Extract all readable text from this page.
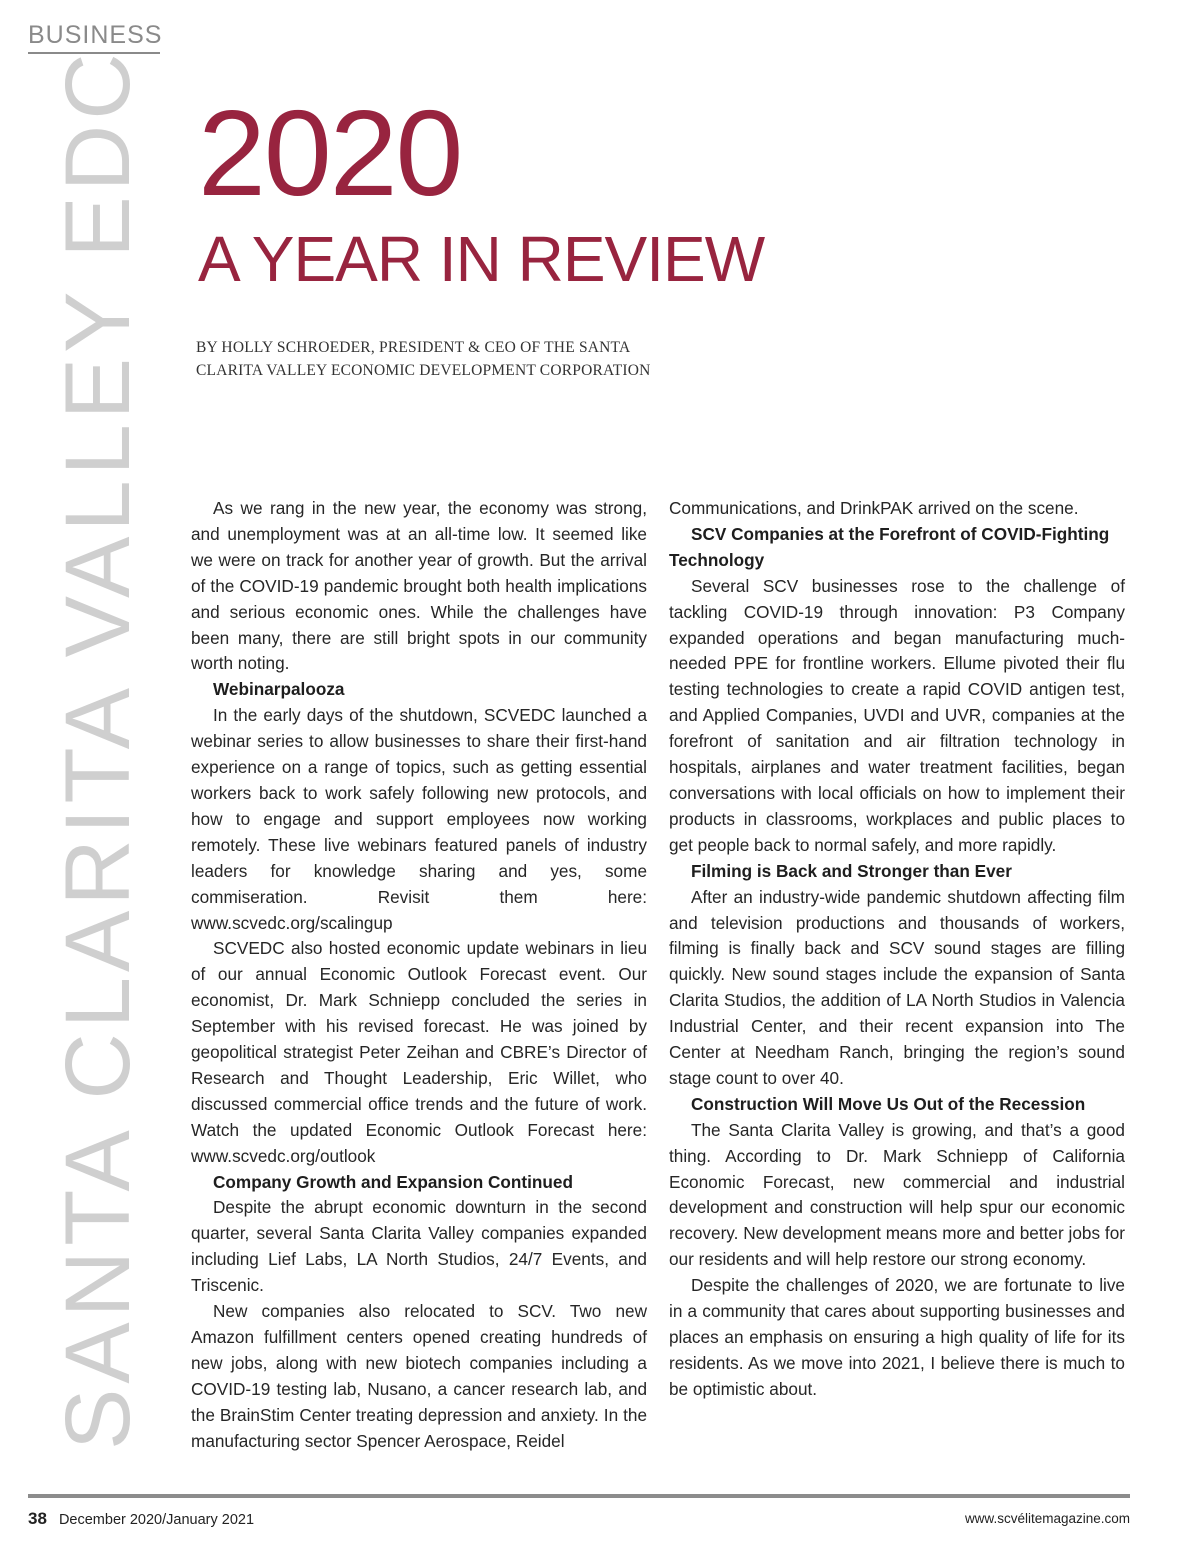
BUSINESS
SANTA CLARITA VALLEY EDC 2020
A YEAR IN REVIEW
BY HOLLY SCHROEDER, PRESIDENT & CEO OF THE SANTA
CLARITA VALLEY ECONOMIC DEVELOPMENT CORPORATION

As we rang in the new year, the economy was strong, and unemployment was at an all-time low. It seemed like we were on track for another year of growth. But the arrival of the COVID-19 pandemic brought both health implications and serious economic ones. While the challenges have been many, there are still bright spots in our community worth noting.

Webinarpalooza

In the early days of the shutdown, SCVEDC launched a webinar series to allow businesses to share their first-hand experience on a range of topics, such as getting essential workers back to work safely following new protocols, and how to engage and support employees now working remotely. These live webinars featured panels of industry leaders for knowledge sharing and yes, some commiseration. Revisit them here: www.scvedc.org/scalingup

SCVEDC also hosted economic update webinars in lieu of our annual Economic Outlook Forecast event. Our economist, Dr. Mark Schniepp concluded the series in September with his revised forecast. He was joined by geopolitical strategist Peter Zeihan and CBRE’s Director of Research and Thought Leadership, Eric Willet, who discussed commercial office trends and the future of work. Watch the updated Economic Outlook Forecast here: www.scvedc.org/outlook

Company Growth and Expansion Continued

Despite the abrupt economic downturn in the second quarter, several Santa Clarita Valley companies expanded including Lief Labs, LA North Studios, 24/7 Events, and Triscenic.

New companies also relocated to SCV. Two new Amazon fulfillment centers opened creating hundreds of new jobs, along with new biotech companies including a COVID-19 testing lab, Nusano, a cancer research lab, and the BrainStim Center treating depression and anxiety. In the manufacturing sector Spencer Aerospace, Reidel

Communications, and DrinkPAK arrived on the scene.

SCV Companies at the Forefront of COVID-Fighting Technology

Several SCV businesses rose to the challenge of tackling COVID-19 through innovation: P3 Company expanded operations and began manufacturing much-needed PPE for frontline workers. Ellume pivoted their flu testing technologies to create a rapid COVID antigen test, and Applied Companies, UVDI and UVR, companies at the forefront of sanitation and air filtration technology in hospitals, airplanes and water treatment facilities, began conversations with local officials on how to implement their products in classrooms, workplaces and public places to get people back to normal safely, and more rapidly.

Filming is Back and Stronger than Ever

After an industry-wide pandemic shutdown affecting film and television productions and thousands of workers, filming is finally back and SCV sound stages are filling quickly. New sound stages include the expansion of Santa Clarita Studios, the addition of LA North Studios in Valencia Industrial Center, and their recent expansion into The Center at Needham Ranch, bringing the region’s sound stage count to over 40.

Construction Will Move Us Out of the Recession

The Santa Clarita Valley is growing, and that’s a good thing. According to Dr. Mark Schniepp of California Economic Forecast, new commercial and industrial development and construction will help spur our economic recovery. New development means more and better jobs for our residents and will help restore our strong economy.

Despite the challenges of 2020, we are fortunate to live in a community that cares about supporting businesses and places an emphasis on ensuring a high quality of life for its residents. As we move into 2021, I believe there is much to be optimistic about.

38 December 2020/January 2021	www.scvélitemagazine.com
